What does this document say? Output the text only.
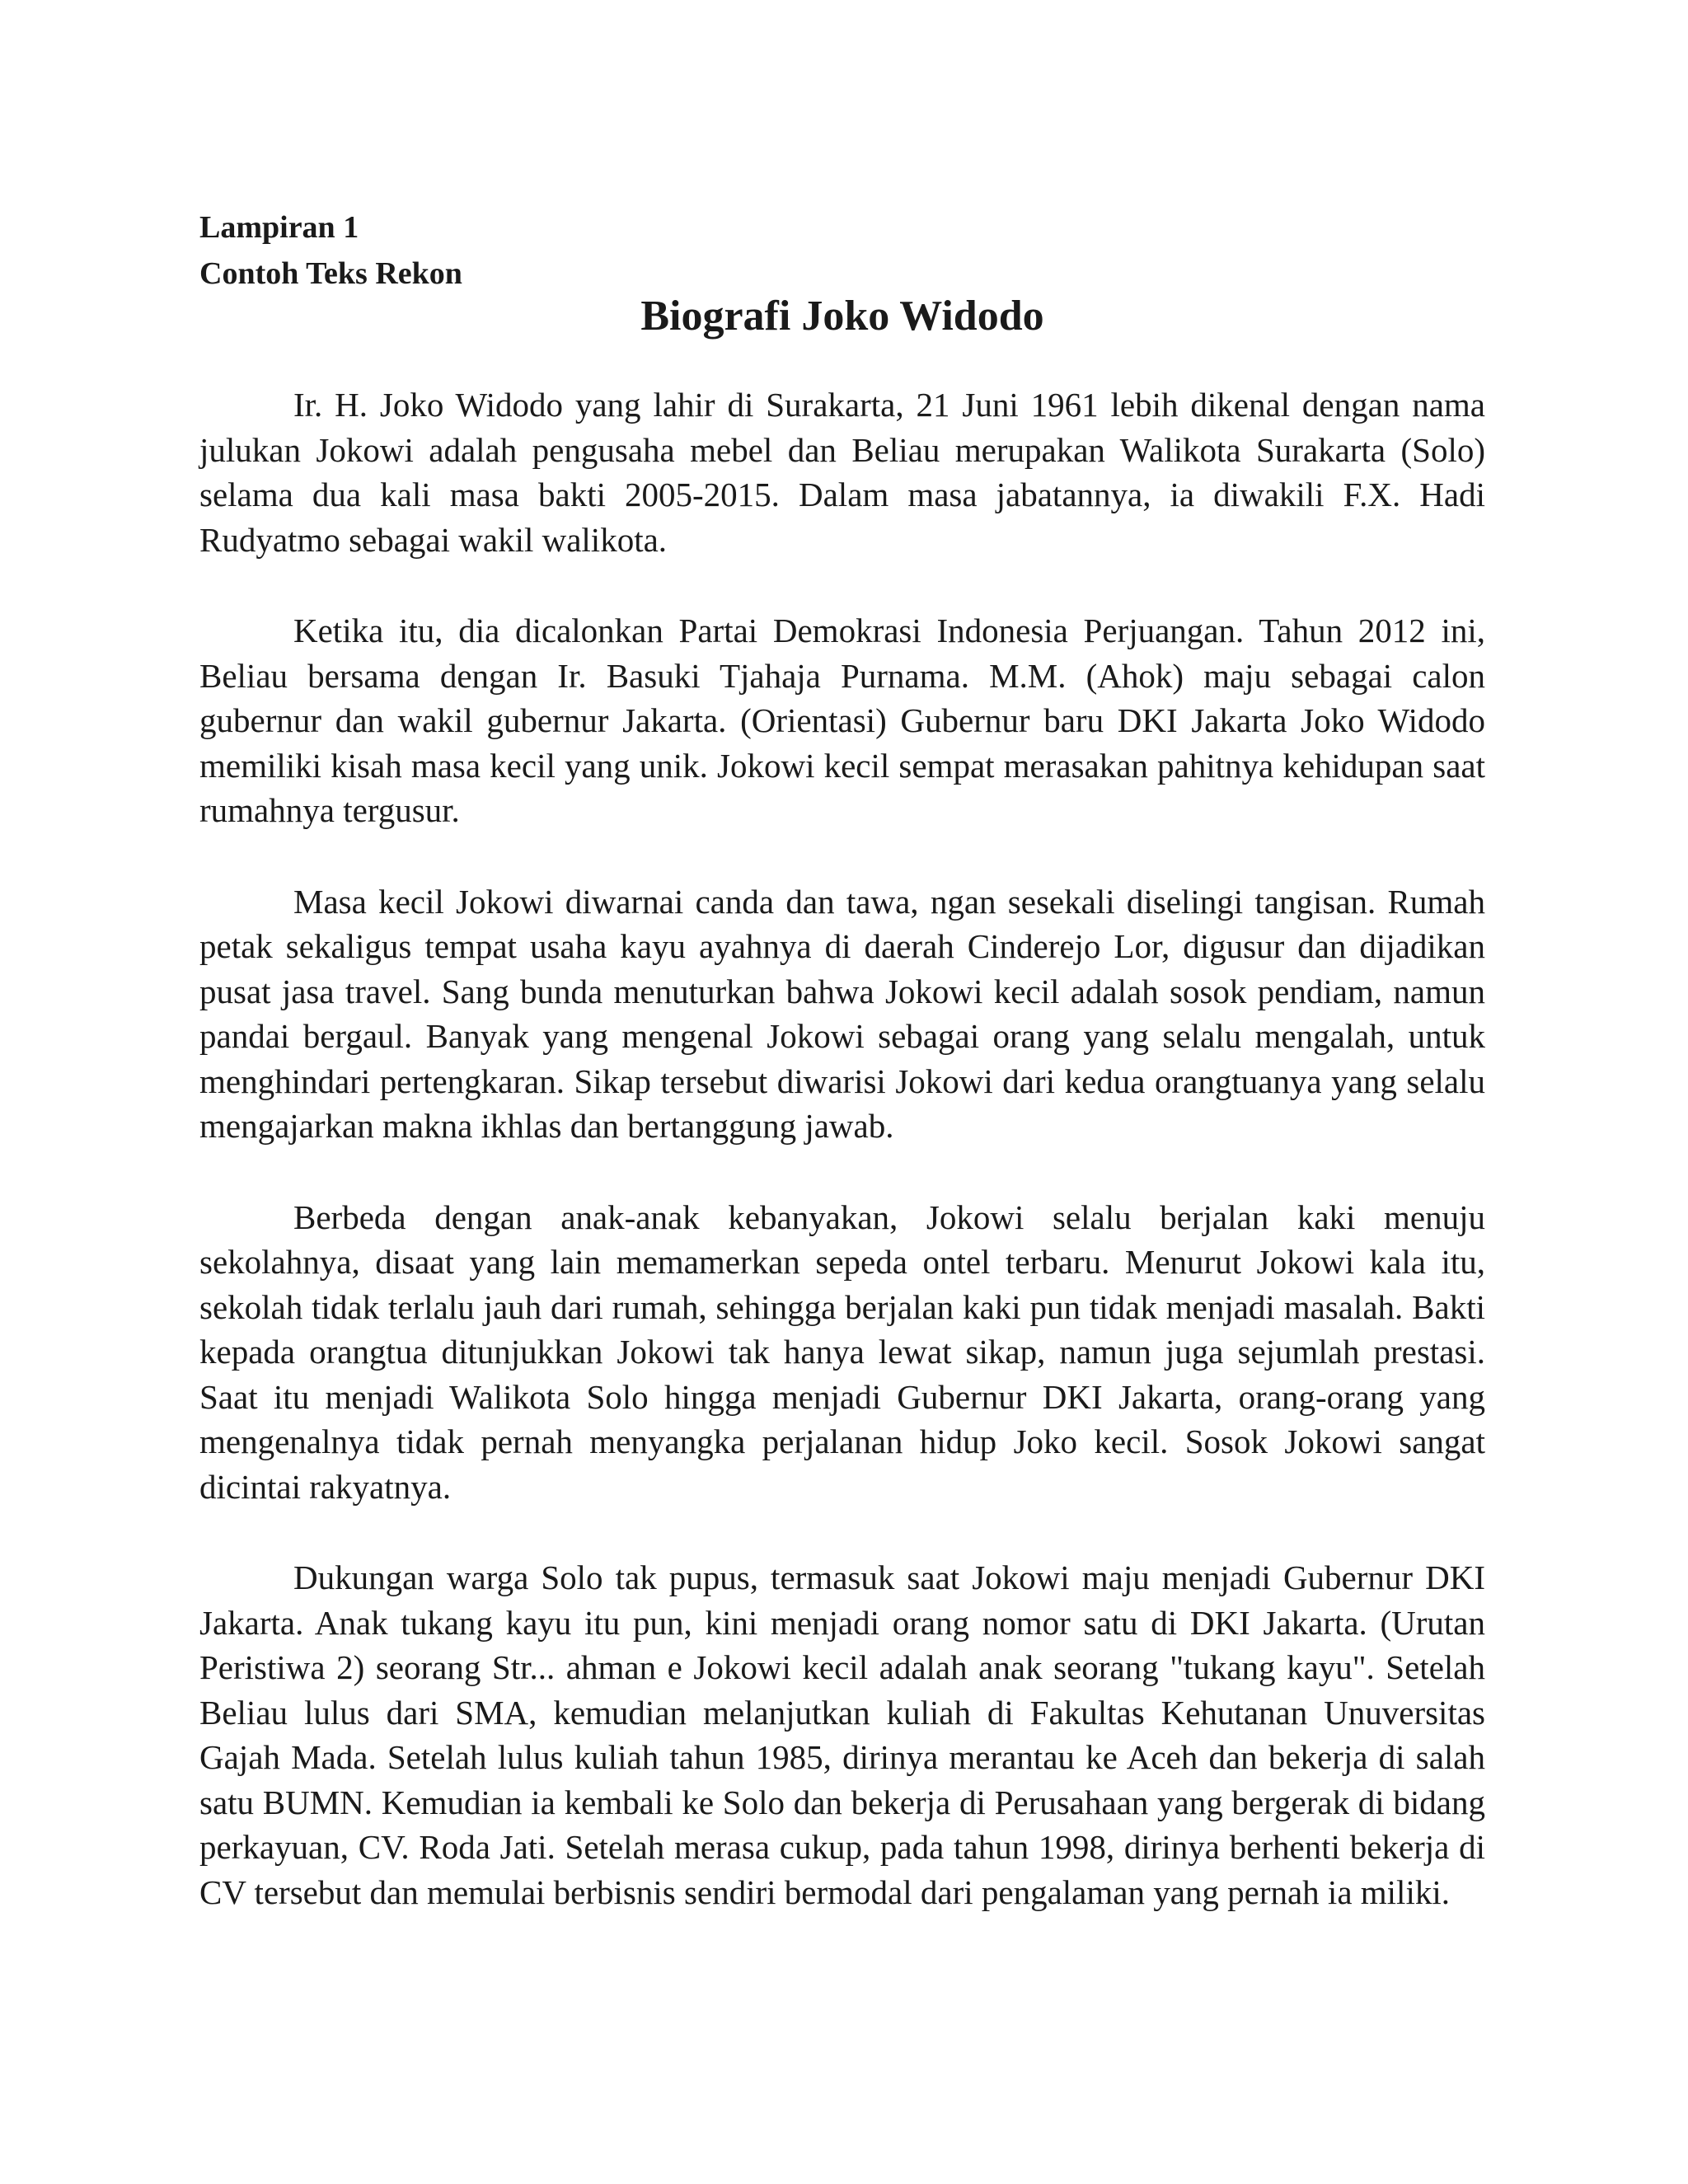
Lampiran 1
Contoh Teks Rekon
Biografi Joko Widodo

Ir. H. Joko Widodo yang lahir di Surakarta, 21 Juni 1961 lebih dikenal dengan nama julukan Jokowi adalah pengusaha mebel dan Beliau merupakan Walikota Surakarta (Solo) selama dua kali masa bakti 2005-2015. Dalam masa jabatannya, ia diwakili F.X. Hadi Rudyatmo sebagai wakil walikota.

Ketika itu, dia dicalonkan Partai Demokrasi Indonesia Perjuangan. Tahun 2012 ini, Beliau bersama dengan Ir. Basuki Tjahaja Purnama. M.M. (Ahok) maju sebagai calon gubernur dan wakil gubernur Jakarta. (Orientasi) Gubernur baru DKI Jakarta Joko Widodo memiliki kisah masa kecil yang unik. Jokowi kecil sempat merasakan pahitnya kehidupan saat rumahnya tergusur.

Masa kecil Jokowi diwarnai canda dan tawa, ngan sesekali diselingi tangisan. Rumah petak sekaligus tempat usaha kayu ayahnya di daerah Cinderejo Lor, digusur dan dijadikan pusat jasa travel. Sang bunda menuturkan bahwa Jokowi kecil adalah sosok pendiam, namun pandai bergaul. Banyak yang mengenal Jokowi sebagai orang yang selalu mengalah, untuk menghindari pertengkaran. Sikap tersebut diwarisi Jokowi dari kedua orangtuanya yang selalu mengajarkan makna ikhlas dan bertanggung jawab.

Berbeda dengan anak-anak kebanyakan, Jokowi selalu berjalan kaki menuju sekolahnya, disaat yang lain memamerkan sepeda ontel terbaru. Menurut Jokowi kala itu, sekolah tidak terlalu jauh dari rumah, sehingga berjalan kaki pun tidak menjadi masalah. Bakti kepada orangtua ditunjukkan Jokowi tak hanya lewat sikap, namun juga sejumlah prestasi. Saat itu menjadi Walikota Solo hingga menjadi Gubernur DKI Jakarta, orang-orang yang mengenalnya tidak pernah menyangka perjalanan hidup Joko kecil. Sosok Jokowi sangat dicintai rakyatnya.

Dukungan warga Solo tak pupus, termasuk saat Jokowi maju menjadi Gubernur DKI Jakarta. Anak tukang kayu itu pun, kini menjadi orang nomor satu di DKI Jakarta. (Urutan Peristiwa 2) seorang Str... ahman e Jokowi kecil adalah anak seorang "tukang kayu". Setelah Beliau lulus dari SMA, kemudian melanjutkan kuliah di Fakultas Kehutanan Unuversitas Gajah Mada. Setelah lulus kuliah tahun 1985, dirinya merantau ke Aceh dan bekerja di salah satu BUMN. Kemudian ia kembali ke Solo dan bekerja di Perusahaan yang bergerak di bidang perkayuan, CV. Roda Jati. Setelah merasa cukup, pada tahun 1998, dirinya berhenti bekerja di CV tersebut dan memulai berbisnis sendiri bermodal dari pengalaman yang pernah ia miliki.
